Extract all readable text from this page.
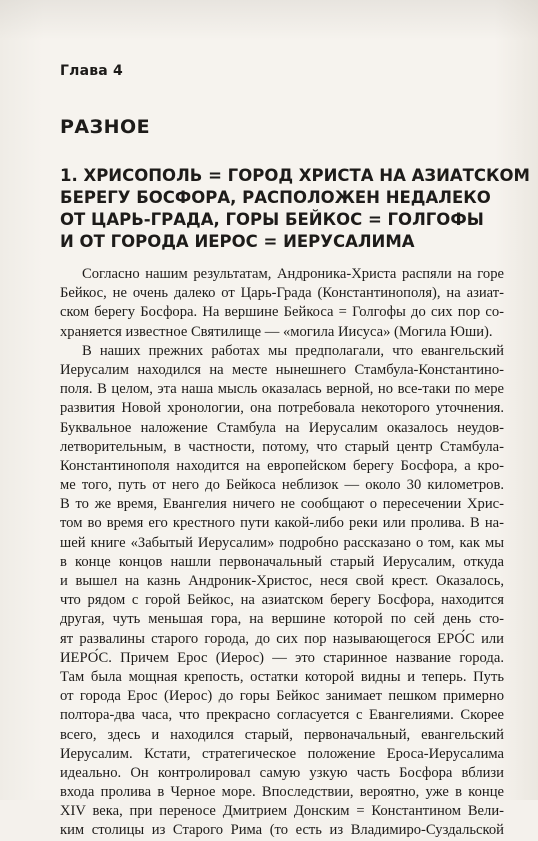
Глава 4
РАЗНОЕ
1. ХРИСОПОЛЬ = ГОРОД ХРИСТА НА АЗИАТСКОМ
БЕРЕГУ БОСФОРА, РАСПОЛОЖЕН НЕДАЛЕКО
ОТ ЦАРЬ-ГРАДА, ГОРЫ БЕЙКОС = ГОЛГОФЫ
И ОТ ГОРОДА ИЕРОС = ИЕРУСАЛИМА
Согласно нашим результатам, Андроника-Христа распяли на горе
Бейкос, не очень далеко от Царь-Града (Константинополя), на азиат-
ском берегу Босфора. На вершине Бейкоса = Голгофы до сих пор со-
храняется известное Святилище — «могила Иисуса» (Могила Юши).
В наших прежних работах мы предполагали, что евангельский
Иерусалим находился на месте нынешнего Стамбула-Константино-
поля. В целом, эта наша мысль оказалась верной, но все-таки по мере
развития Новой хронологии, она потребовала некоторого уточнения.
Буквальное наложение Стамбула на Иерусалим оказалось неудов-
летворительным, в частности, потому, что старый центр Стамбула-
Константинополя находится на европейском берегу Босфора, а кро-
ме того, путь от него до Бейкоса неблизок — около 30 километров.
В то же время, Евангелия ничего не сообщают о пересечении Хрис-
том во время его крестного пути какой-либо реки или пролива. В на-
шей книге «Забытый Иерусалим» подробно рассказано о том, как мы
в конце концов нашли первоначальный старый Иерусалим, откуда
и вышел на казнь Андроник-Христос, неся свой крест. Оказалось,
что рядом с горой Бейкос, на азиатском берегу Босфора, находится
другая, чуть меньшая гора, на вершине которой по сей день сто-
ят развалины старого города, до сих пор называющегося ЕРО́С или
ИЕРО́С. Причем Ерос (Иерос) — это старинное название города.
Там была мощная крепость, остатки которой видны и теперь. Путь
от города Ерос (Иерос) до горы Бейкос занимает пешком примерно
полтора-два часа, что прекрасно согласуется с Евангелиями. Скорее
всего, здесь и находился старый, первоначальный, евангельский
Иерусалим. Кстати, стратегическое положение Ероса-Иерусалима
идеально. Он контролировал самую узкую часть Босфора вблизи
входа пролива в Черное море. Впоследствии, вероятно, уже в конце
XIV века, при переносе Дмитрием Донским = Константином Вели-
ким столицы из Старого Рима (то есть из Владимиро-Суздальской
